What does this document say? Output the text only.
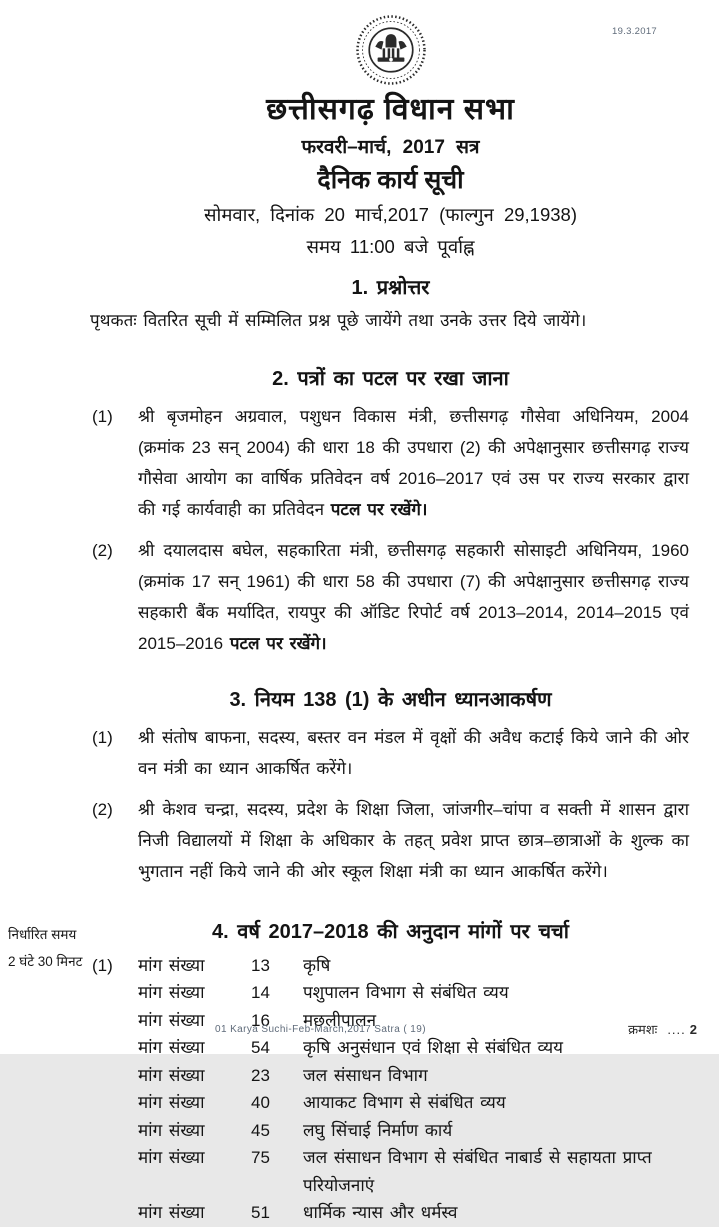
19.3.2017
छत्तीसगढ़ विधान सभा
फरवरी–मार्च, 2017 सत्र
दैनिक कार्य सूची
सोमवार, दिनांक 20 मार्च,2017 (फाल्गुन 29,1938)
समय 11:00 बजे पूर्वाह्न
1. प्रश्नोत्तर
पृथकतः वितरित सूची में सम्मिलित प्रश्न पूछे जायेंगे तथा उनके उत्तर दिये जायेंगे।
2. पत्रों का पटल पर रखा जाना
(1)	श्री बृजमोहन अग्रवाल, पशुधन विकास मंत्री, छत्तीसगढ़ गौसेवा अधिनियम, 2004 (क्रमांक 23 सन् 2004) की धारा 18 की उपधारा (2) की अपेक्षानुसार छत्तीसगढ़ राज्य गौसेवा आयोग का वार्षिक प्रतिवेदन वर्ष 2016–2017 एवं उस पर राज्य सरकार द्वारा की गई कार्यवाही का प्रतिवेदन पटल पर रखेंगे।
(2)	श्री दयालदास बघेल, सहकारिता मंत्री, छत्तीसगढ़ सहकारी सोसाइटी अधिनियम, 1960 (क्रमांक 17 सन् 1961) की धारा 58 की उपधारा (7) की अपेक्षानुसार छत्तीसगढ़ राज्य सहकारी बैंक मर्यादित, रायपुर की ऑडिट रिपोर्ट वर्ष 2013–2014, 2014–2015 एवं 2015–2016 पटल पर रखेंगे।
3. नियम 138 (1) के अधीन ध्यानआकर्षण
(1)	श्री संतोष बाफना, सदस्य, बस्तर वन मंडल में वृक्षों की अवैध कटाई किये जाने की ओर वन मंत्री का ध्यान आकर्षित करेंगे।
(2)	श्री केशव चन्द्रा, सदस्य, प्रदेश के शिक्षा जिला, जांजगीर–चांपा व सक्ती में शासन द्वारा निजी विद्यालयों में शिक्षा के अधिकार के तहत् प्रवेश प्राप्त छात्र–छात्राओं के शुल्क का भुगतान नहीं किये जाने की ओर स्कूल शिक्षा मंत्री का ध्यान आकर्षित करेंगे।
निर्धारित समय
2 घंटे 30 मिनट
4. वर्ष 2017–2018 की अनुदान मांगों पर चर्चा
(1)	मांग संख्या	13	कृषि
मांग संख्या	14	पशुपालन विभाग से संबंधित व्यय
मांग संख्या	16	मछलीपालन
मांग संख्या	54	कृषि अनुसंधान एवं शिक्षा से संबंधित व्यय
मांग संख्या	23	जल संसाधन विभाग
मांग संख्या	40	आयाकट विभाग से संबंधित व्यय
मांग संख्या	45	लघु सिंचाई निर्माण कार्य
मांग संख्या	75	जल संसाधन विभाग से संबंधित नाबार्ड से सहायता प्राप्त परियोजनाएं
मांग संख्या	51	धार्मिक न्यास और धर्मस्व
01 Karya Suchi-Feb-March,2017 Satra ( 19)	क्रमशः .... 2
